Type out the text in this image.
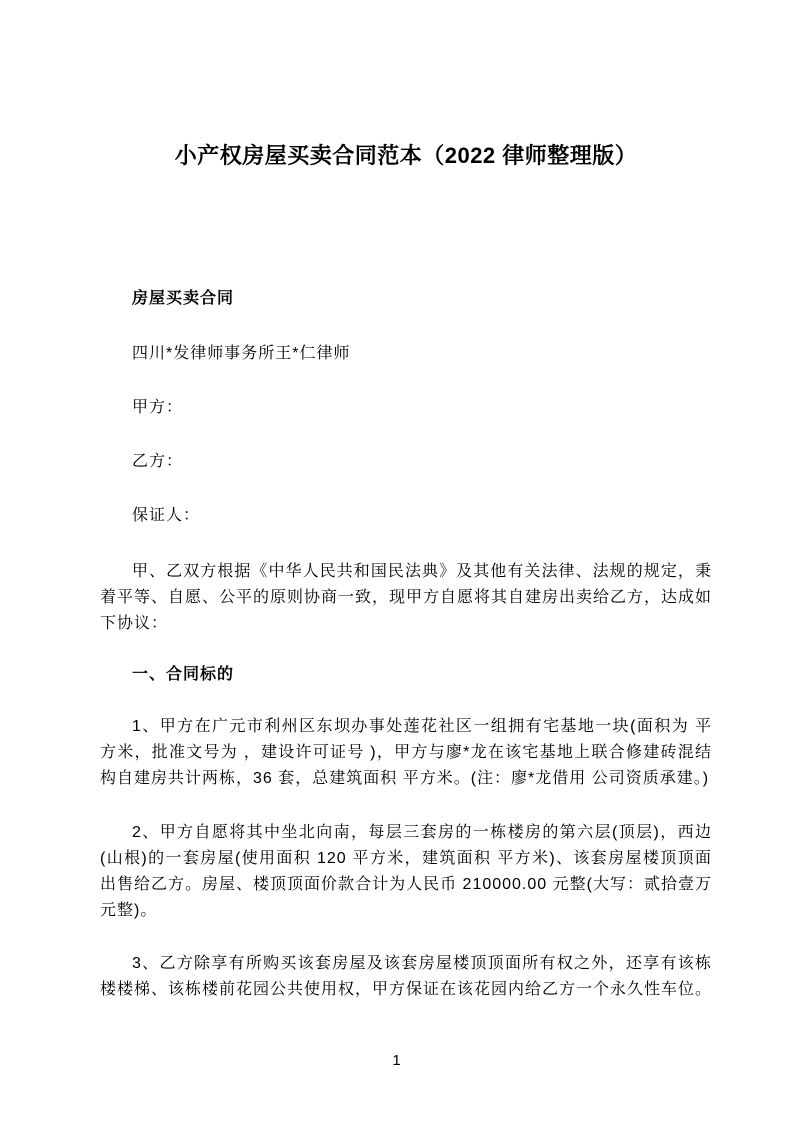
小产权房屋买卖合同范本（2022 律师整理版）

房屋买卖合同

四川*发律师事务所王*仁律师

甲方：

乙方：

保证人：

甲、乙双方根据《中华人民共和国民法典》及其他有关法律、法规的规定，秉着平等、自愿、公平的原则协商一致，现甲方自愿将其自建房出卖给乙方，达成如下协议：

一、合同标的

1、甲方在广元市利州区东坝办事处莲花社区一组拥有宅基地一块(面积为 平方米，批准文号为 ，建设许可证号 )，甲方与廖*龙在该宅基地上联合修建砖混结构自建房共计两栋，36 套，总建筑面积 平方米。(注：廖*龙借用 公司资质承建。)

2、甲方自愿将其中坐北向南，每层三套房的一栋楼房的第六层(顶层)，西边(山根)的一套房屋(使用面积 120 平方米，建筑面积 平方米)、该套房屋楼顶顶面出售给乙方。房屋、楼顶顶面价款合计为人民币 210000.00 元整(大写：贰拾壹万元整)。

3、乙方除享有所购买该套房屋及该套房屋楼顶顶面所有权之外，还享有该栋楼楼梯、该栋楼前花园公共使用权，甲方保证在该花园内给乙方一个永久性车位。

1
